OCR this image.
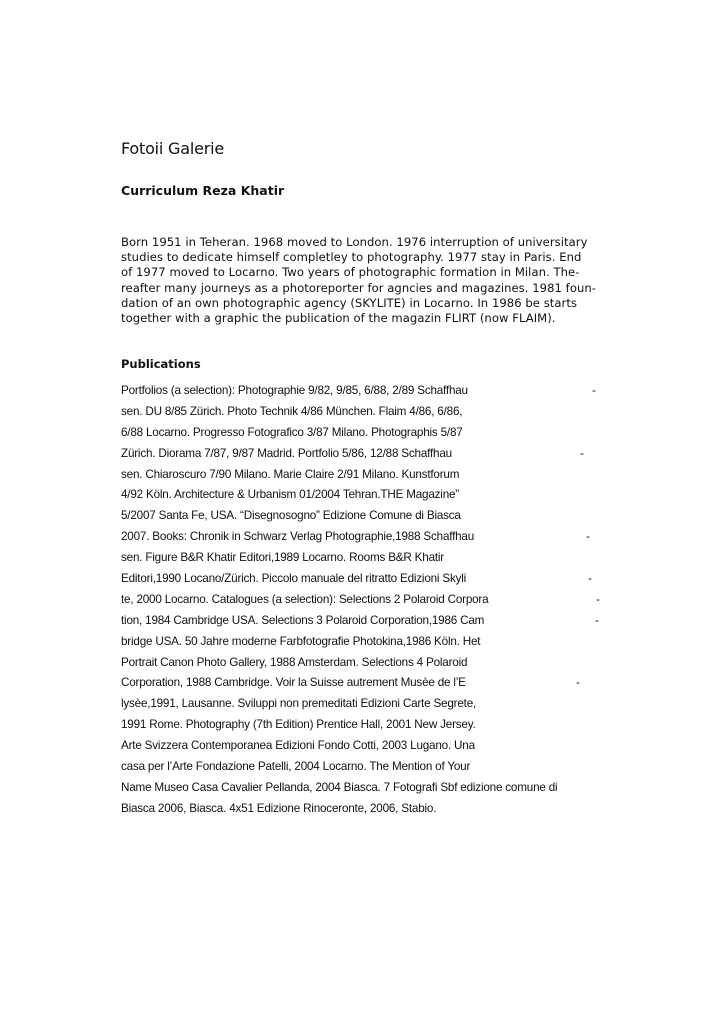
Fotoii Galerie
Curriculum Reza Khatir
Born 1951 in Teheran. 1968 moved to London. 1976 interruption of universitary
studies to dedicate himself completley to photography. 1977 stay in Paris. End
of 1977 moved to Locarno. Two years of photographic formation in Milan. The-
reafter many journeys as a photoreporter for agncies and magazines. 1981 foun-
dation of an own photographic agency (SKYLITE) in Locarno. In 1986 be starts
together with a graphic the publication of the magazin FLIRT (now FLAIM).
Publications
Portfolios (a selection): Photographie 9/82, 9/85, 6/88, 2/89 Schaffhau	-
sen. DU 8/85 Zürich. Photo Technik 4/86 München. Flaim 4/86, 6/86,
6/88 Locarno. Progresso Fotografico 3/87 Milano. Photographis 5/87
Zürich. Diorama 7/87, 9/87 Madrid. Portfolio 5/86, 12/88 Schaffhau	-
sen. Chiaroscuro 7/90 Milano. Marie Claire 2/91 Milano. Kunstforum
4/92 Köln. Architecture & Urbanism 01/2004 Tehran.THE Magazine”
5/2007 Santa Fe, USA. “Disegnosogno” Edizione Comune di Biasca
2007. Books: Chronik in Schwarz Verlag Photographie,1988 Schaffhau	-
sen. Figure B&R Khatir Editori,1989 Locarno. Rooms B&R Khatir
Editori,1990 Locano/Zürich. Piccolo manuale del ritratto Edizioni Skyli	-
te, 2000 Locarno. Catalogues (a selection): Selections 2 Polaroid Corpora	-
tion, 1984 Cambridge USA. Selections 3 Polaroid Corporation,1986 Cam	-
bridge USA. 50 Jahre moderne Farbfotografie Photokina,1986 Köln. Het
Portrait Canon Photo Gallery, 1988 Amsterdam. Selections 4 Polaroid
Corporation, 1988 Cambridge. Voir la Suisse autrement Musèe de l’E	-
lysèe,1991, Lausanne. Sviluppi non premeditati Edizioni Carte Segrete,
1991 Rome. Photography (7th Edition) Prentice Hall, 2001 New Jersey.
Arte Svizzera Contemporanea Edizioni Fondo Cotti, 2003 Lugano. Una
casa per l’Arte Fondazione Patelli, 2004 Locarno. The Mention of Your
Name Museo Casa Cavalier Pellanda, 2004 Biasca. 7 Fotografi Sbf edizione comune di
Biasca 2006, Biasca. 4x51 Edizione Rinoceronte, 2006, Stabio.
